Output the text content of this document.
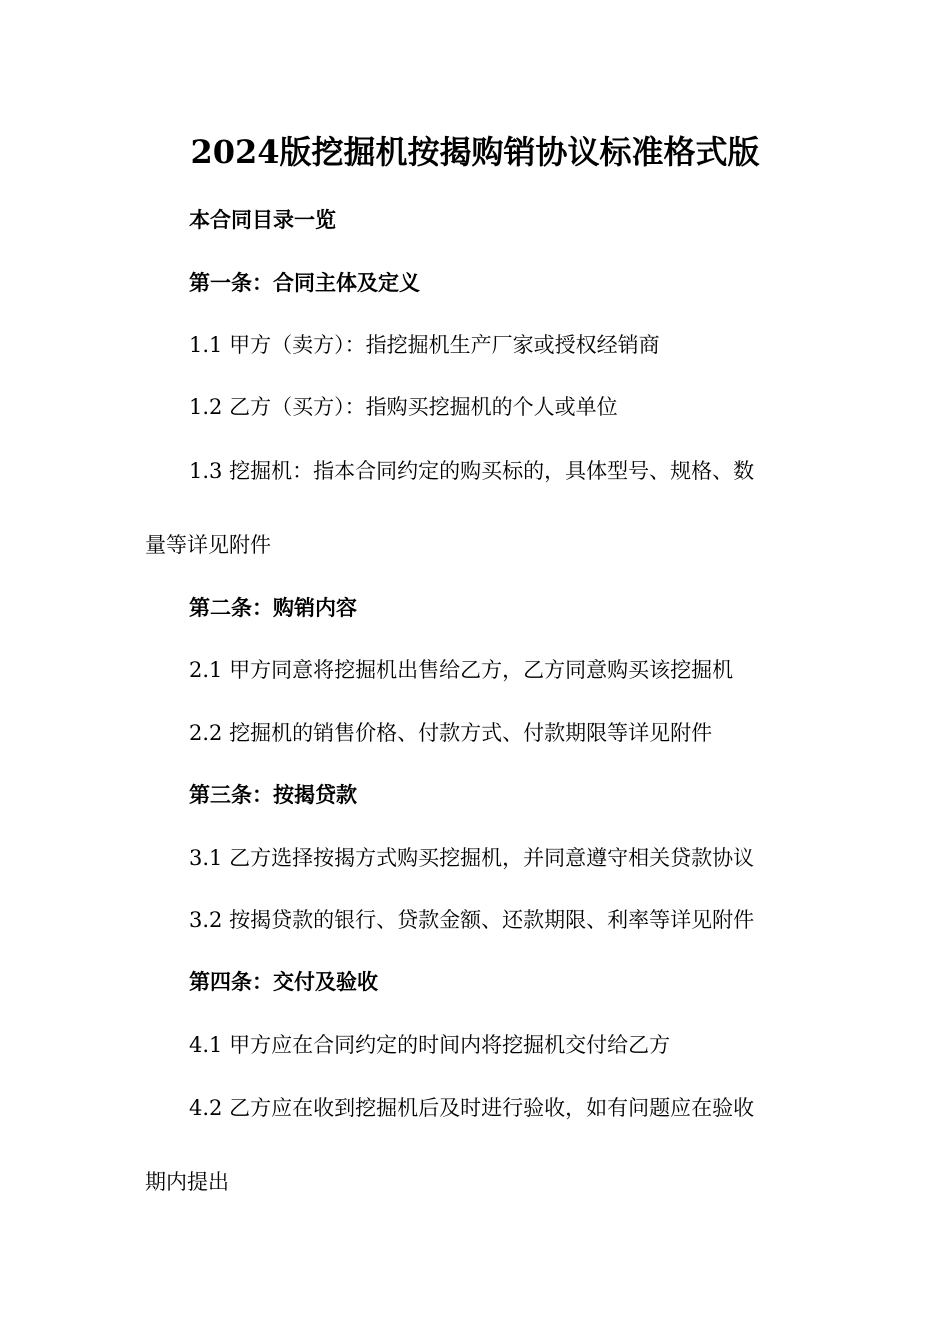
2024版挖掘机按揭购销协议标准格式版
本合同目录一览
第一条：合同主体及定义
1.1 甲方（卖方）：指挖掘机生产厂家或授权经销商
1.2 乙方（买方）：指购买挖掘机的个人或单位
1.3 挖掘机：指本合同约定的购买标的，具体型号、规格、数
量等详见附件
第二条：购销内容
2.1 甲方同意将挖掘机出售给乙方，乙方同意购买该挖掘机
2.2 挖掘机的销售价格、付款方式、付款期限等详见附件
第三条：按揭贷款
3.1 乙方选择按揭方式购买挖掘机，并同意遵守相关贷款协议
3.2 按揭贷款的银行、贷款金额、还款期限、利率等详见附件
第四条：交付及验收
4.1 甲方应在合同约定的时间内将挖掘机交付给乙方
4.2 乙方应在收到挖掘机后及时进行验收，如有问题应在验收
期内提出
